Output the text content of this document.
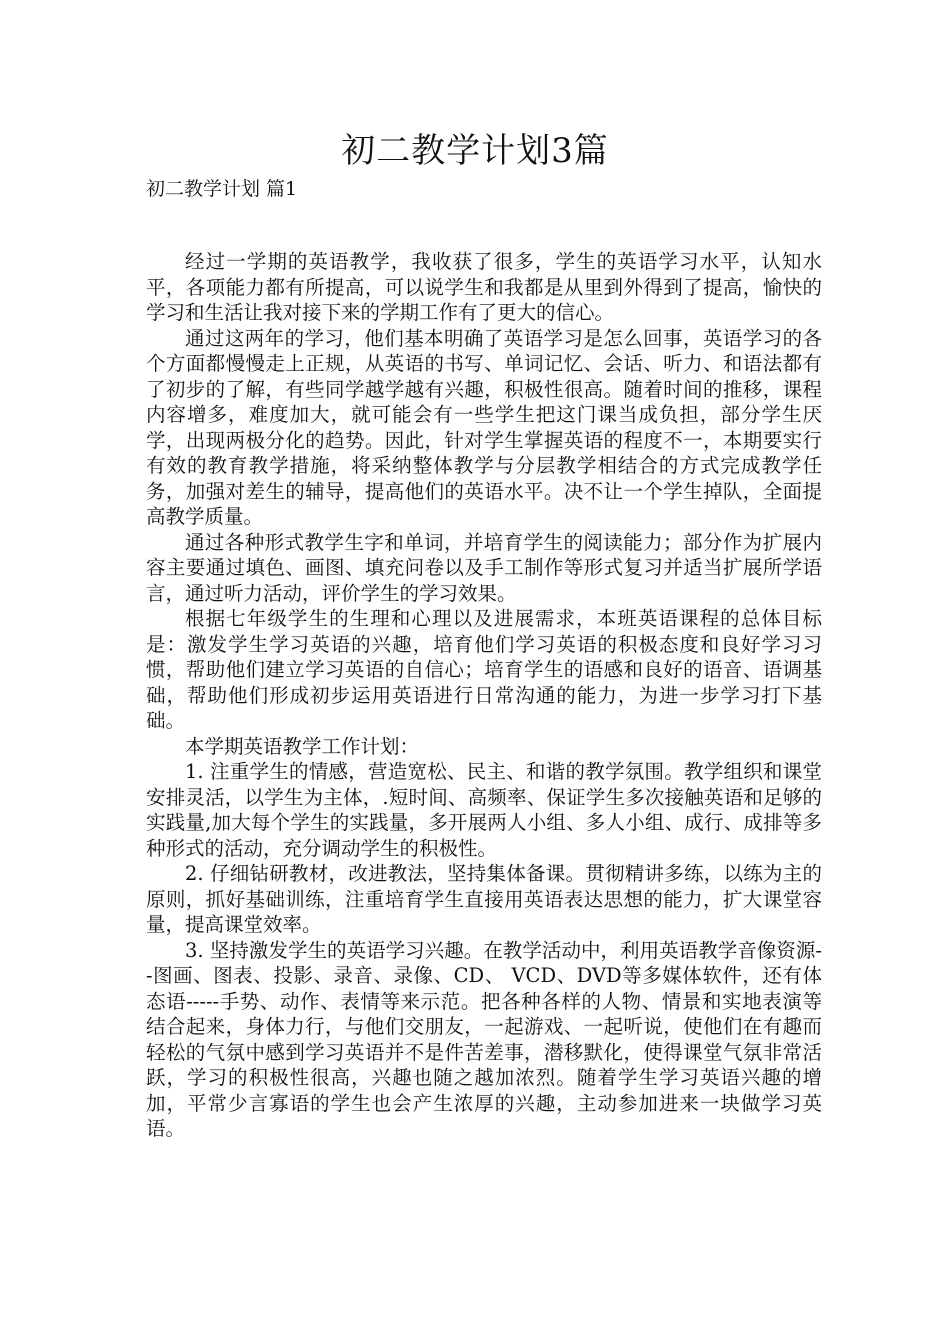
初二教学计划3篇

初二教学计划 篇1

经过一学期的英语教学，我收获了很多，学生的英语学习水平，认知水平，各项能力都有所提高，可以说学生和我都是从里到外得到了提高，愉快的学习和生活让我对接下来的学期工作有了更大的信心。

通过这两年的学习，他们基本明确了英语学习是怎么回事，英语学习的各个方面都慢慢走上正规，从英语的书写、单词记忆、会话、听力、和语法都有了初步的了解，有些同学越学越有兴趣，积极性很高。随着时间的推移，课程内容增多，难度加大，就可能会有一些学生把这门课当成负担，部分学生厌学，出现两极分化的趋势。因此，针对学生掌握英语的程度不一，本期要实行有效的教育教学措施，将采纳整体教学与分层教学相结合的方式完成教学任务，加强对差生的辅导，提高他们的英语水平。决不让一个学生掉队，全面提高教学质量。

通过各种形式教学生字和单词，并培育学生的阅读能力；部分作为扩展内容主要通过填色、画图、填充问卷以及手工制作等形式复习并适当扩展所学语言，通过听力活动，评价学生的学习效果。

根据七年级学生的生理和心理以及进展需求，本班英语课程的总体目标是：激发学生学习英语的兴趣，培育他们学习英语的积极态度和良好学习习惯，帮助他们建立学习英语的自信心；培育学生的语感和良好的语音、语调基础，帮助他们形成初步运用英语进行日常沟通的能力，为进一步学习打下基础。

本学期英语教学工作计划：

1. 注重学生的情感，营造宽松、民主、和谐的教学氛围。教学组织和课堂安排灵活，以学生为主体，.短时间、高频率、保证学生多次接触英语和足够的实践量,加大每个学生的实践量，多开展两人小组、多人小组、成行、成排等多种形式的活动，充分调动学生的积极性。

2. 仔细钻研教材，改进教法，坚持集体备课。贯彻精讲多练，以练为主的原则，抓好基础训练，注重培育学生直接用英语表达思想的能力，扩大课堂容量，提高课堂效率。

3. 坚持激发学生的英语学习兴趣。在教学活动中，利用英语教学音像资源--图画、图表、投影、录音、录像、CD、 VCD、DVD等多媒体软件，还有体态语-----手势、动作、表情等来示范。把各种各样的人物、情景和实地表演等结合起来，身体力行，与他们交朋友，一起游戏、一起听说，使他们在有趣而轻松的气氛中感到学习英语并不是件苦差事，潜移默化，使得课堂气氛非常活跃，学习的积极性很高，兴趣也随之越加浓烈。随着学生学习英语兴趣的增加，平常少言寡语的学生也会产生浓厚的兴趣，主动参加进来一块做学习英语。
